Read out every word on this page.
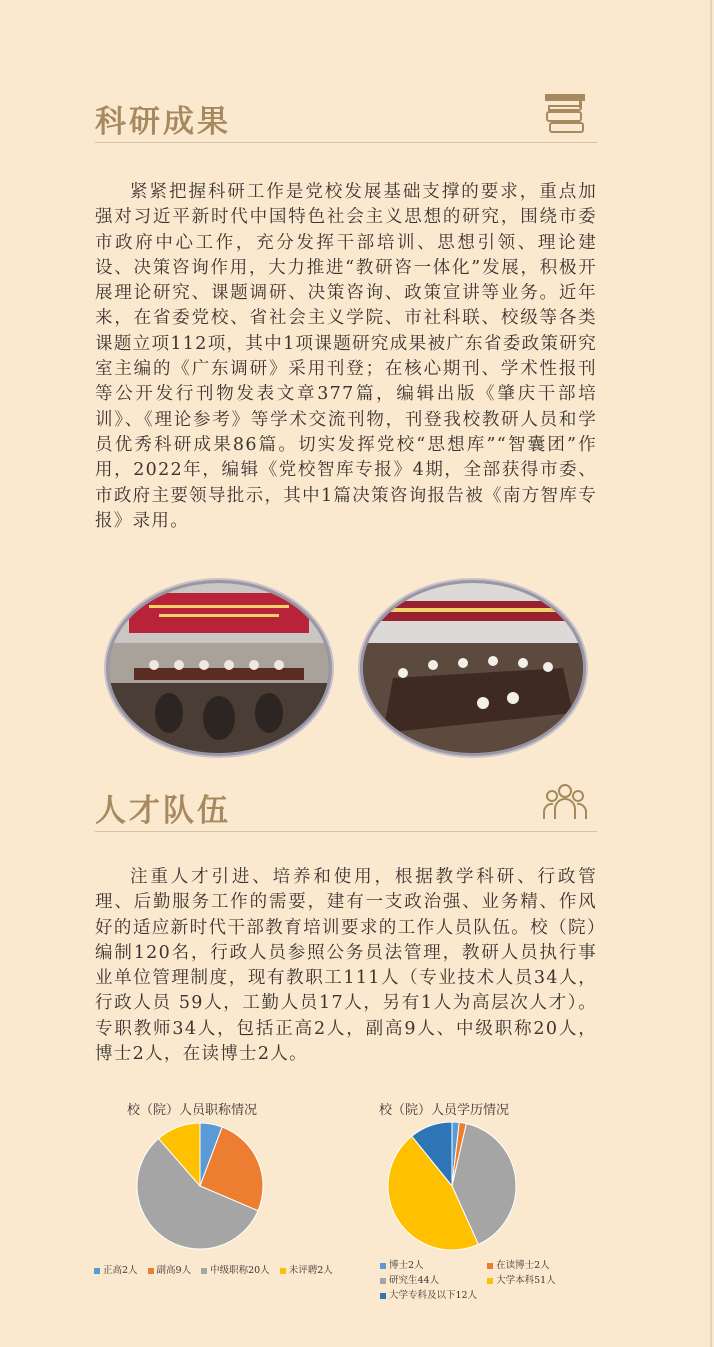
科研成果

紧紧把握科研工作是党校发展基础支撑的要求，重点加强对习近平新时代中国特色社会主义思想的研究，围绕市委市政府中心工作，充分发挥干部培训、思想引领、理论建设、决策咨询作用，大力推进“教研咨一体化”发展，积极开展理论研究、课题调研、决策咨询、政策宣讲等业务。近年来，在省委党校、省社会主义学院、市社科联、校级等各类课题立项112项，其中1项课题研究成果被广东省委政策研究室主编的《广东调研》采用刊登；在核心期刊、学术性报刊等公开发行刊物发表文章377篇，编辑出版《肇庆干部培训》、《理论参考》等学术交流刊物，刊登我校教研人员和学员优秀科研成果86篇。切实发挥党校“思想库”“智囊团”作用，2022年，编辑《党校智库专报》4期，全部获得市委、市政府主要领导批示，其中1篇决策咨询报告被《南方智库专报》录用。

人才队伍

注重人才引进、培养和使用，根据教学科研、行政管理、后勤服务工作的需要，建有一支政治强、业务精、作风好的适应新时代干部教育培训要求的工作人员队伍。校（院）编制120名，行政人员参照公务员法管理，教研人员执行事业单位管理制度，现有教职工111人（专业技术人员34人，行政人员 59人，工勤人员17人，另有1人为高层次人才）。专职教师34人，包括正高2人，副高9人、中级职称20人，博士2人，在读博士2人。

校（院）人员职称情况
正高2人	副高9人	中级职称20人	未评聘2人
校（院）人员学历情况
博士2人	在读博士2人
研究生44人	大学本科51人
大学专科及以下12人
